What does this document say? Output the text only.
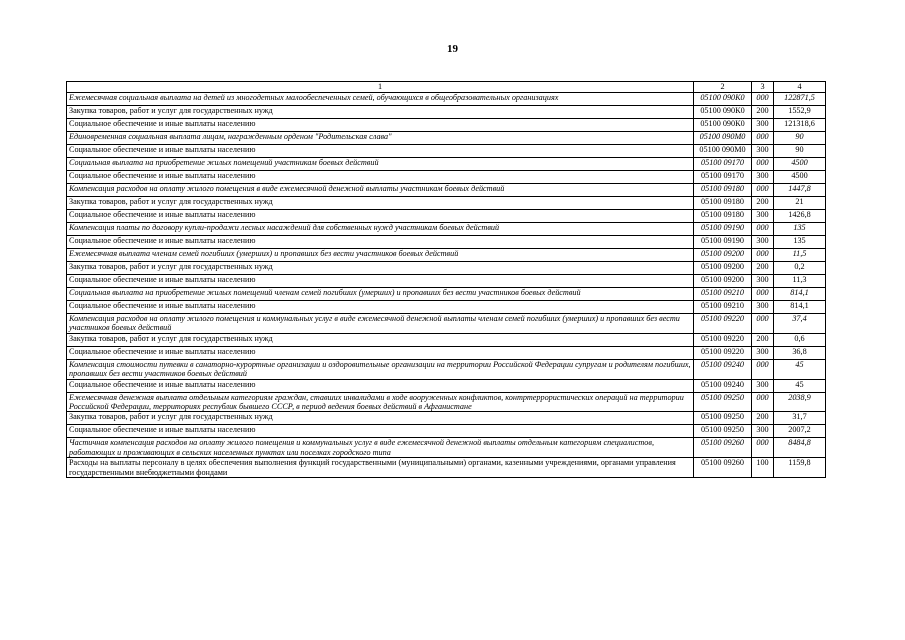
19
1	2	3	4
Ежемесячная социальная выплата на детей из многодетных малообеспеченных семей, обучающихся в общеобразовательных организациях	05100 090К0	000	122871,5
Закупка товаров, работ и услуг для государственных нужд	05100 090К0	200	1552,9
Социальное обеспечение и иные выплаты населению	05100 090К0	300	121318,6
Единовременная социальная выплата лицам, награжденным орденом "Родительская слава"	05100 090М0	000	90
Социальное обеспечение и иные выплаты населению	05100 090М0	300	90
Социальная выплата на приобретение жилых помещений участникам боевых действий	05100 09170	000	4500
Социальное обеспечение и иные выплаты населению	05100 09170	300	4500
Компенсация расходов на оплату жилого помещения в виде ежемесячной денежной выплаты участникам боевых действий	05100 09180	000	1447,8
Закупка товаров, работ и услуг для государственных нужд	05100 09180	200	21
Социальное обеспечение и иные выплаты населению	05100 09180	300	1426,8
Компенсация платы по договору купли-продажи лесных насаждений для собственных нужд участникам боевых действий	05100 09190	000	135
Социальное обеспечение и иные выплаты населению	05100 09190	300	135
Ежемесячная выплата членам семей погибших (умерших) и пропавших без вести участников боевых действий	05100 09200	000	11,5
Закупка товаров, работ и услуг для государственных нужд	05100 09200	200	0,2
Социальное обеспечение и иные выплаты населению	05100 09200	300	11,3
Социальная выплата на приобретение жилых помещений членам семей погибших (умерших) и пропавших без вести участников боевых действий	05100 09210	000	814,1
Социальное обеспечение и иные выплаты населению	05100 09210	300	814,1
Компенсация расходов на оплату жилого помещения и коммунальных услуг в виде ежемесячной денежной выплаты членам семей погибших (умерших) и пропавших без вести участников боевых действий	05100 09220	000	37,4
Закупка товаров, работ и услуг для государственных нужд	05100 09220	200	0,6
Социальное обеспечение и иные выплаты населению	05100 09220	300	36,8
Компенсация стоимости путевки в санаторно-курортные организации и оздоровительные организации на территории Российской Федерации супругам и родителям погибших, пропавших без вести участников боевых действий	05100 09240	000	45
Социальное обеспечение и иные выплаты населению	05100 09240	300	45
Ежемесячная денежная выплата отдельным категориям граждан, ставших инвалидами в ходе вооруженных конфликтов, контртеррористических операций на территории Российской Федерации, территориях республик бывшего СССР, в период ведения боевых действий в Афганистане	05100 09250	000	2038,9
Закупка товаров, работ и услуг для государственных нужд	05100 09250	200	31,7
Социальное обеспечение и иные выплаты населению	05100 09250	300	2007,2
Частичная компенсация расходов на оплату жилого помещения и коммунальных услуг в виде ежемесячной денежной выплаты отдельным категориям специалистов, работающих и проживающих в сельских населенных пунктах или поселках городского типа	05100 09260	000	8484,8
Расходы на выплаты персоналу в целях обеспечения выполнения функций государственными (муниципальными) органами, казенными учреждениями, органами управления государственными внебюджетными фондами	05100 09260	100	1159,8
